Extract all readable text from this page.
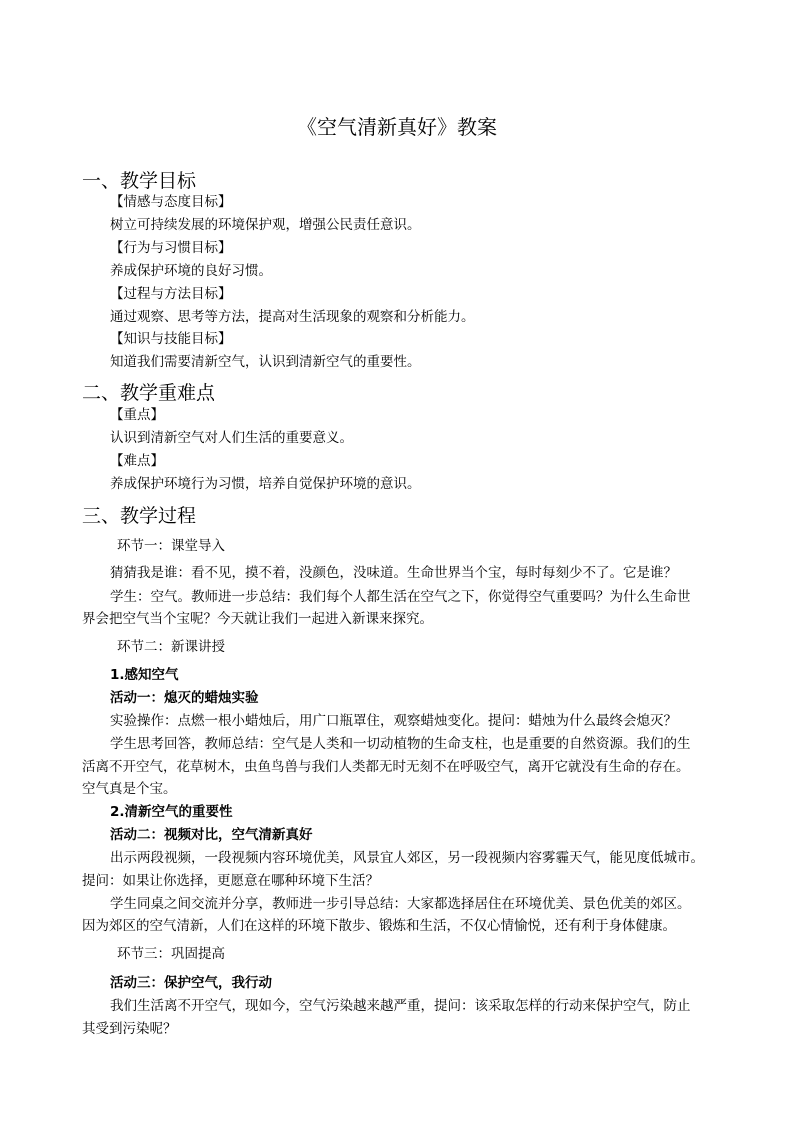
《空气清新真好》教案
一、教学目标
【情感与态度目标】
树立可持续发展的环境保护观，增强公民责任意识。
【行为与习惯目标】
养成保护环境的良好习惯。
【过程与方法目标】
通过观察、思考等方法，提高对生活现象的观察和分析能力。
【知识与技能目标】
知道我们需要清新空气，认识到清新空气的重要性。
二、教学重难点
【重点】
认识到清新空气对人们生活的重要意义。
【难点】
养成保护环境行为习惯，培养自觉保护环境的意识。
三、教学过程
环节一：课堂导入
猜猜我是谁：看不见，摸不着，没颜色，没味道。生命世界当个宝，每时每刻少不了。它是谁？
学生：空气。教师进一步总结：我们每个人都生活在空气之下，你觉得空气重要吗？为什么生命世
界会把空气当个宝呢？今天就让我们一起进入新课来探究。
环节二：新课讲授
1.感知空气
活动一：熄灭的蜡烛实验
实验操作：点燃一根小蜡烛后，用广口瓶罩住，观察蜡烛变化。提问：蜡烛为什么最终会熄灭？
学生思考回答，教师总结：空气是人类和一切动植物的生命支柱，也是重要的自然资源。我们的生
活离不开空气，花草树木，虫鱼鸟兽与我们人类都无时无刻不在呼吸空气，离开它就没有生命的存在。
空气真是个宝。
2.清新空气的重要性
活动二：视频对比，空气清新真好
出示两段视频，一段视频内容环境优美，风景宜人郊区，另一段视频内容雾霾天气，能见度低城市。
提问：如果让你选择，更愿意在哪种环境下生活？
学生同桌之间交流并分享，教师进一步引导总结：大家都选择居住在环境优美、景色优美的郊区。
因为郊区的空气清新，人们在这样的环境下散步、锻炼和生活，不仅心情愉悦，还有利于身体健康。
环节三：巩固提高
活动三：保护空气，我行动
我们生活离不开空气，现如今，空气污染越来越严重，提问：该采取怎样的行动来保护空气，防止
其受到污染呢？
